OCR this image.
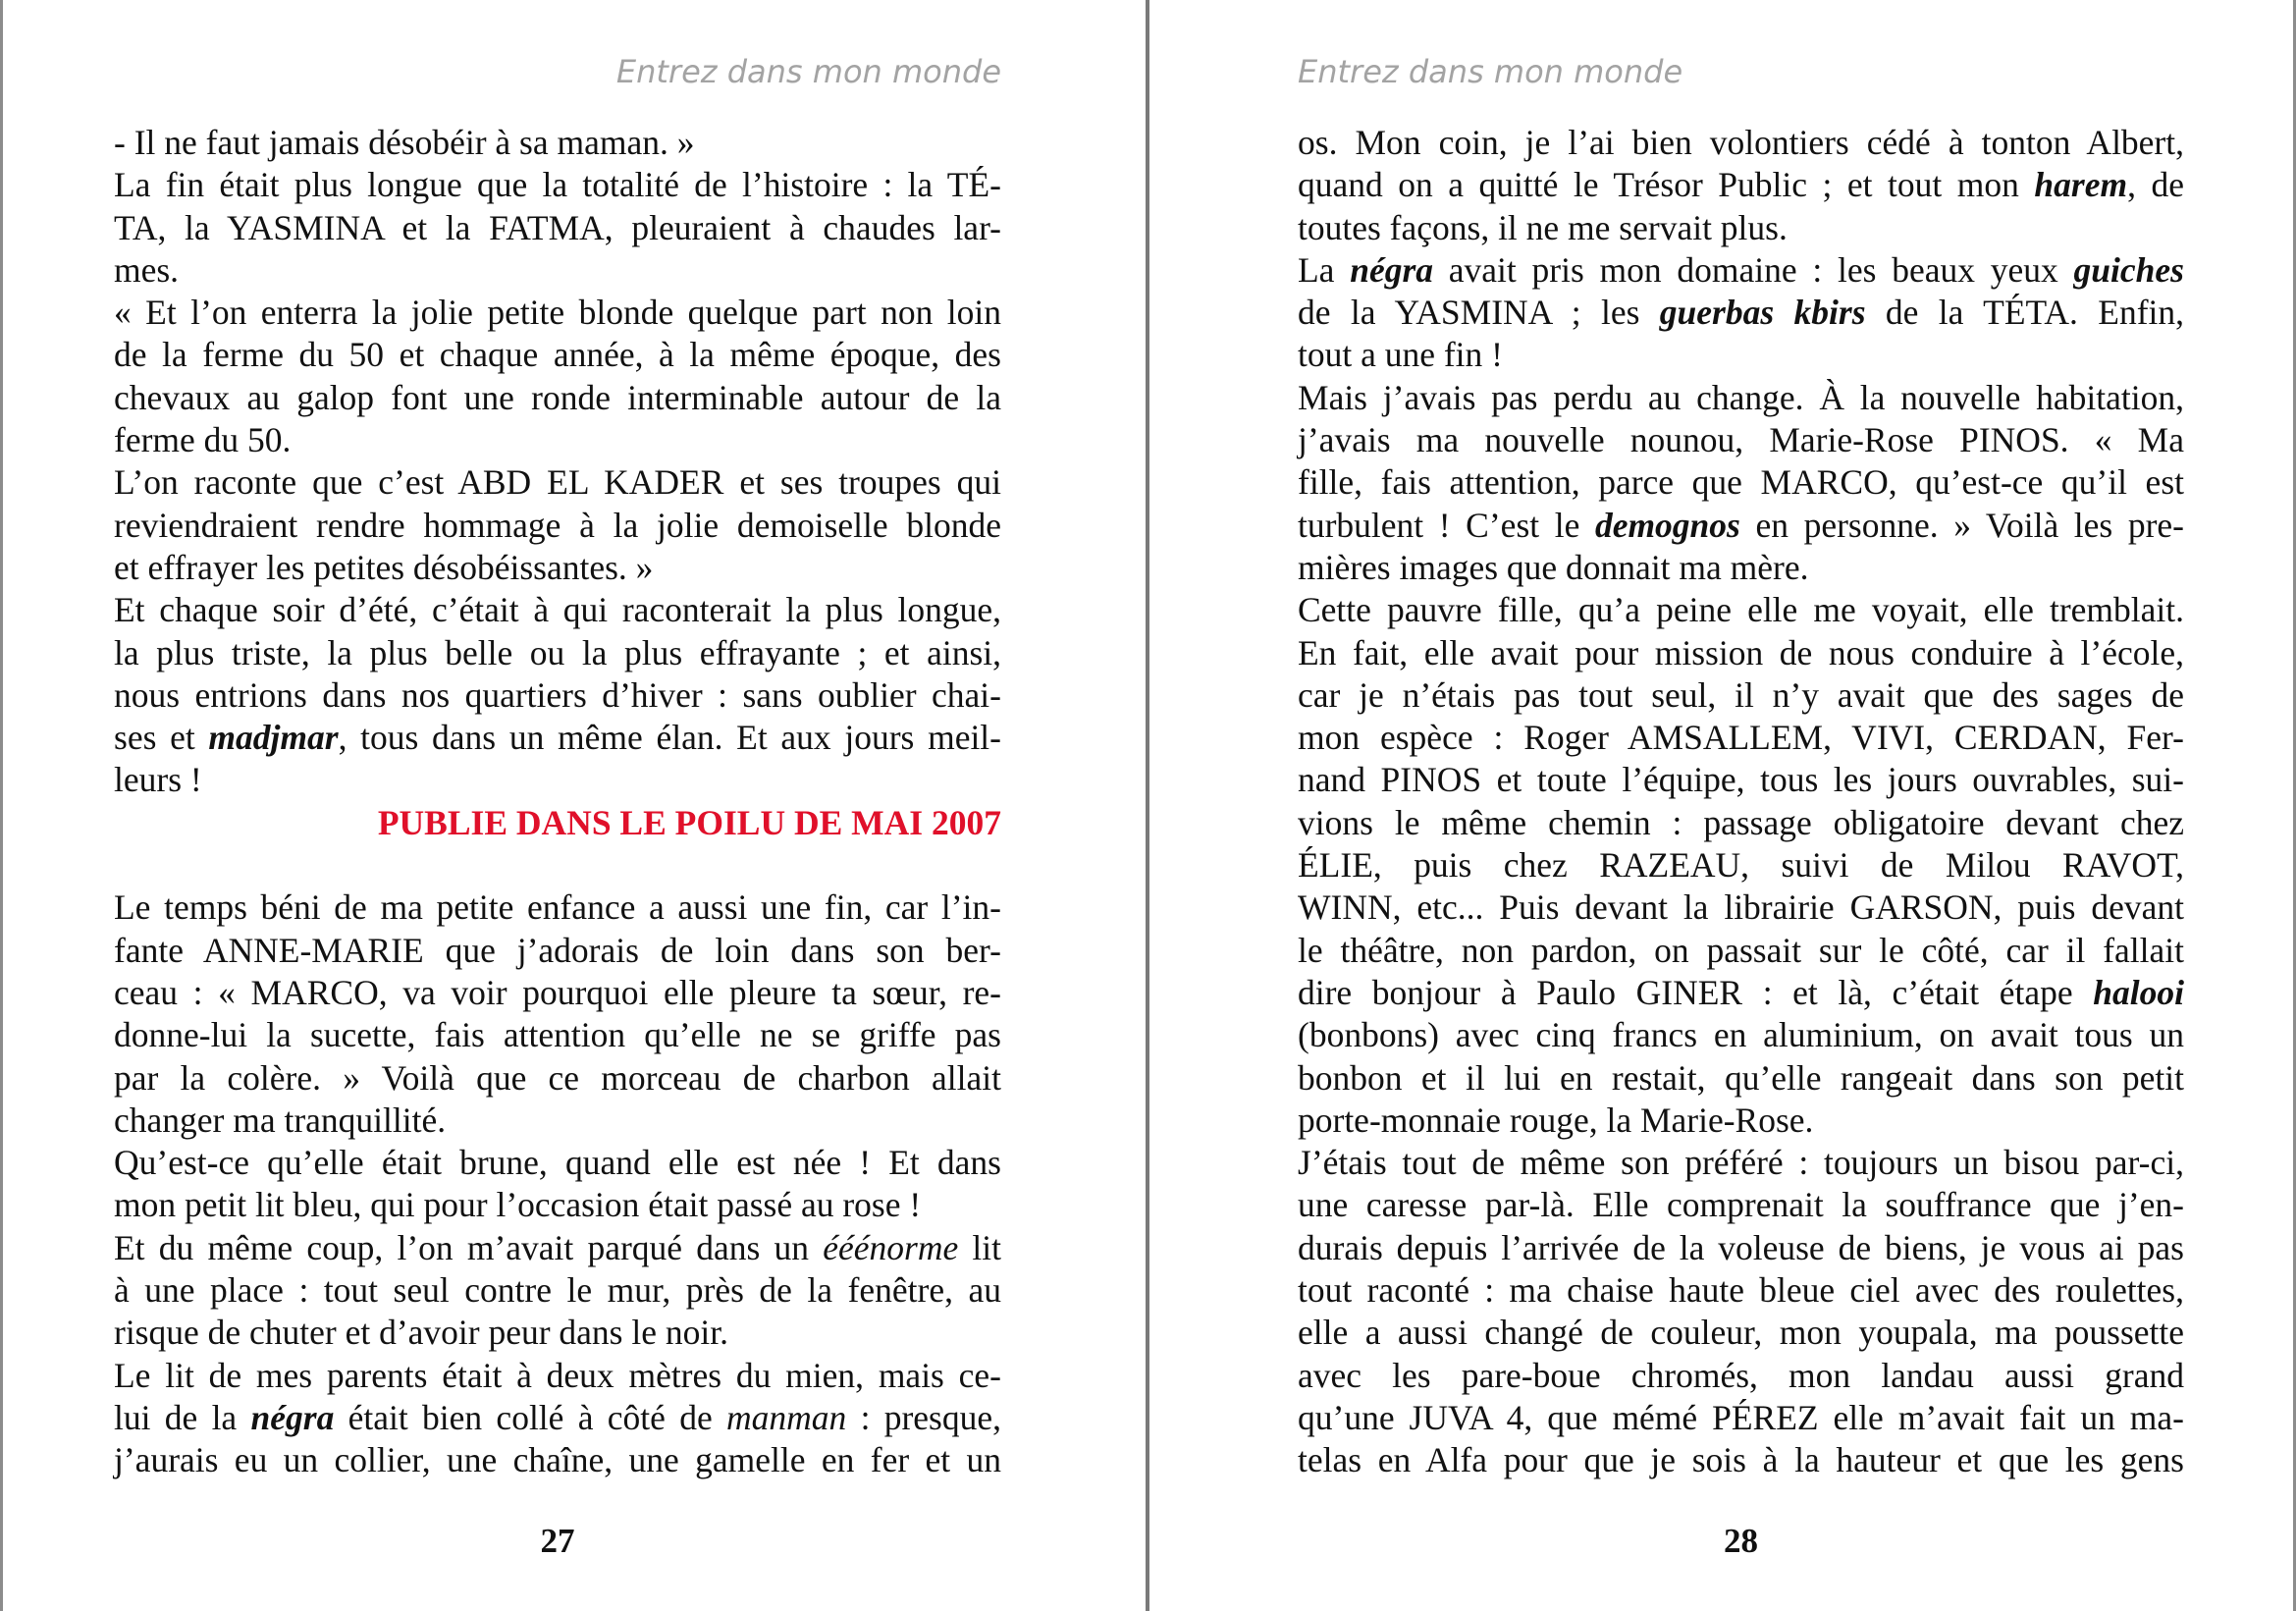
Entrez dans mon monde
- Il ne faut jamais désobéir à sa maman. »
La fin était plus longue que la totalité de l’histoire : la TÉ-
TA, la YASMINA et la FATMA, pleuraient à chaudes lar-
mes.
« Et l’on enterra la jolie petite blonde quelque part non loin
de la ferme du 50 et chaque année, à la même époque, des
chevaux au galop font une ronde interminable autour de la
ferme du 50.
L’on raconte que c’est ABD EL KADER et ses troupes qui
reviendraient rendre hommage à la jolie demoiselle blonde
et effrayer les petites désobéissantes. »
Et chaque soir d’été, c’était à qui raconterait la plus longue,
la plus triste, la plus belle ou la plus effrayante ; et ainsi,
nous entrions dans nos quartiers d’hiver : sans oublier chai-
ses et madjmar, tous dans un même élan. Et aux jours meil-
leurs !
PUBLIE DANS LE POILU DE MAI 2007
Le temps béni de ma petite enfance a aussi une fin, car l’in-
fante ANNE-MARIE que j’adorais de loin dans son ber-
ceau : « MARCO, va voir pourquoi elle pleure ta sœur, re-
donne-lui la sucette, fais attention qu’elle ne se griffe pas
par la colère. » Voilà que ce morceau de charbon allait
changer ma tranquillité.
Qu’est-ce qu’elle était brune, quand elle est née ! Et dans
mon petit lit bleu, qui pour l’occasion était passé au rose !
Et du même coup, l’on m’avait parqué dans un ééénorme lit
à une place : tout seul contre le mur, près de la fenêtre, au
risque de chuter et d’avoir peur dans le noir.
Le lit de mes parents était à deux mètres du mien, mais ce-
lui de la négra était bien collé à côté de manman : presque,
j’aurais eu un collier, une chaîne, une gamelle en fer et un
27
Entrez dans mon monde
os. Mon coin, je l’ai bien volontiers cédé à tonton Albert,
quand on a quitté le Trésor Public ; et tout mon harem, de
toutes façons, il ne me servait plus.
La négra avait pris mon domaine : les beaux yeux guiches
de la YASMINA ; les guerbas kbirs de la TÉTA. Enfin,
tout a une fin !
Mais j’avais pas perdu au change. À la nouvelle habitation,
j’avais ma nouvelle nounou, Marie-Rose PINOS. « Ma
fille, fais attention, parce que MARCO, qu’est-ce qu’il est
turbulent ! C’est le demognos en personne. » Voilà les pre-
mières images que donnait ma mère.
Cette pauvre fille, qu’a peine elle me voyait, elle tremblait.
En fait, elle avait pour mission de nous conduire à l’école,
car je n’étais pas tout seul, il n’y avait que des sages de
mon espèce : Roger AMSALLEM, VIVI, CERDAN, Fer-
nand PINOS et toute l’équipe, tous les jours ouvrables, sui-
vions le même chemin : passage obligatoire devant chez
ÉLIE, puis chez RAZEAU, suivi de Milou RAVOT,
WINN, etc... Puis devant la librairie GARSON, puis devant
le théâtre, non pardon, on passait sur le côté, car il fallait
dire bonjour à Paulo GINER : et là, c’était étape halooi
(bonbons) avec cinq francs en aluminium, on avait tous un
bonbon et il lui en restait, qu’elle rangeait dans son petit
porte-monnaie rouge, la Marie-Rose.
J’étais tout de même son préféré : toujours un bisou par-ci,
une caresse par-là. Elle comprenait la souffrance que j’en-
durais depuis l’arrivée de la voleuse de biens, je vous ai pas
tout raconté : ma chaise haute bleue ciel avec des roulettes,
elle a aussi changé de couleur, mon youpala, ma poussette
avec les pare-boue chromés, mon landau aussi grand
qu’une JUVA 4, que mémé PÉREZ elle m’avait fait un ma-
telas en Alfa pour que je sois à la hauteur et que les gens
28
